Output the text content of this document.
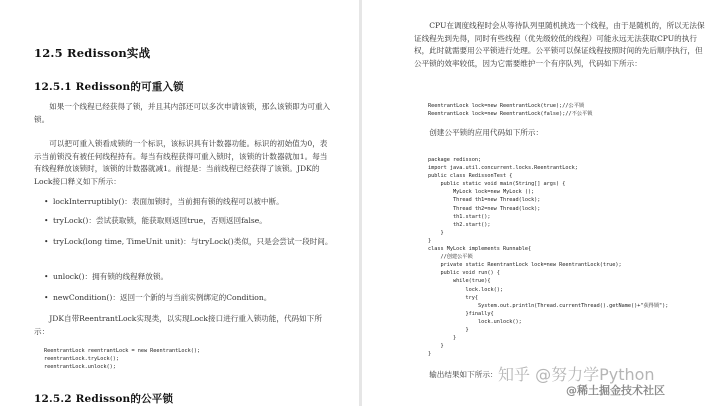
12.5 Redisson实战
12.5.1 Redisson的可重入锁

如果一个线程已经获得了锁，并且其内部还可以多次申请该锁，那么该锁即为可重入锁。

可以把可重入锁看成锁的一个标识，该标识具有计数器功能。标识的初始值为0，表示当前锁没有被任何线程持有。每当有线程获得可重入锁时，该锁的计数器就加1。每当有线程释放该锁时，该锁的计数器就减1。前提是：当前线程已经获得了该锁。JDK的Lock接口释义如下所示：

• lockInterruptibly()：表面加锁时，当前拥有锁的线程可以被中断。
• tryLock()：尝试获取锁，能获取则返回true，否则返回false。
• tryLock(long time, TimeUnit unit)：与tryLock()类似，只是会尝试一段时间。
• unlock()：拥有锁的线程释放锁。
• newCondition()：返回一个新的与当前实例绑定的Condition。

JDK自带ReentrantLock实现类，以实现Lock接口进行重入锁功能，代码如下所示：

ReentrantLock reentrantLock = new ReentrantLock();
reentrantLock.tryLock();
reentrantLock.unlock();
12.5.2 Redisson的公平锁

CPU在调度线程时会从等待队列里随机挑选一个线程，由于是随机的，所以无法保证线程先到先得，同时有些线程（优先级较低的线程）可能永远无法获取CPU的执行权，此时就需要用公平锁进行处理。公平锁可以保证线程按照时间的先后顺序执行，但公平锁的效率较低，因为它需要维护一个有序队列，代码如下所示：

ReentrantLock lock=new ReentrantLock(true);//公平锁
ReentrantLock lock=new ReentrantLock(false);//不公平锁

创建公平锁的应用代码如下所示：

package redisson;
import java.util.concurrent.locks.ReentrantLock;
public class RedissonTest {
public static void main(String[] args) {
MyLock lock=new MyLock ();
Thread th1=new Thread(lock);
Thread th2=new Thread(lock);
th1.start();
th2.start();
}
}
class MyLock implements Runnable{
//创建公平锁
private static ReentrantLock lock=new ReentrantLock(true);
public void run() {
while(true){
lock.lock();
try{
System.out.println(Thread.currentThread().getName()+"获得锁");
}finally{
lock.unlock();
}
}
}
}

输出结果如下所示： 知乎 @努力学Python
@稀土掘金技术社区
